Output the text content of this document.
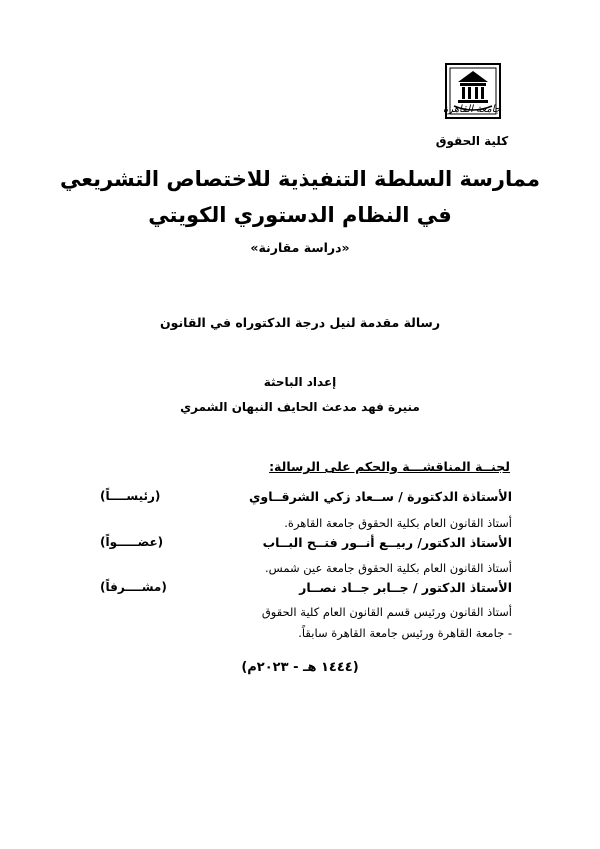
جامعة القاهرة
كلية الحقوق
ممارسة السلطة التنفيذية للاختصاص التشريعي
في النظام الدستوري الكويتي
«دراسة مقارنة»
رسالة مقدمة لنيل درجة الدكتوراه في القانون
إعداد الباحثة
منيرة فهد مدعث الحايف النبهان الشمري
لجنــة المناقشـــة والحكم على الرسالة:
الأستاذة الدكتورة / ســعاد زكي الشرقــاوي
(رئيســــاً)
أستاذ القانون العام بكلية الحقوق جامعة القاهرة.
الأستاذ الدكتور/ ربيــع أنــور فتــح البــاب
(عضـــــواً)
أستاذ القانون العام بكلية الحقوق جامعة عين شمس.
الأستاذ الدكتور / جــابر جــاد نصــار
(مشــــرفاً)
أستاذ القانون ورئيس قسم القانون العام كلية الحقوق
- جامعة القاهرة ورئيس جامعة القاهرة سابقاً.
(١٤٤٤ هـ - ٢٠٢٣م)
